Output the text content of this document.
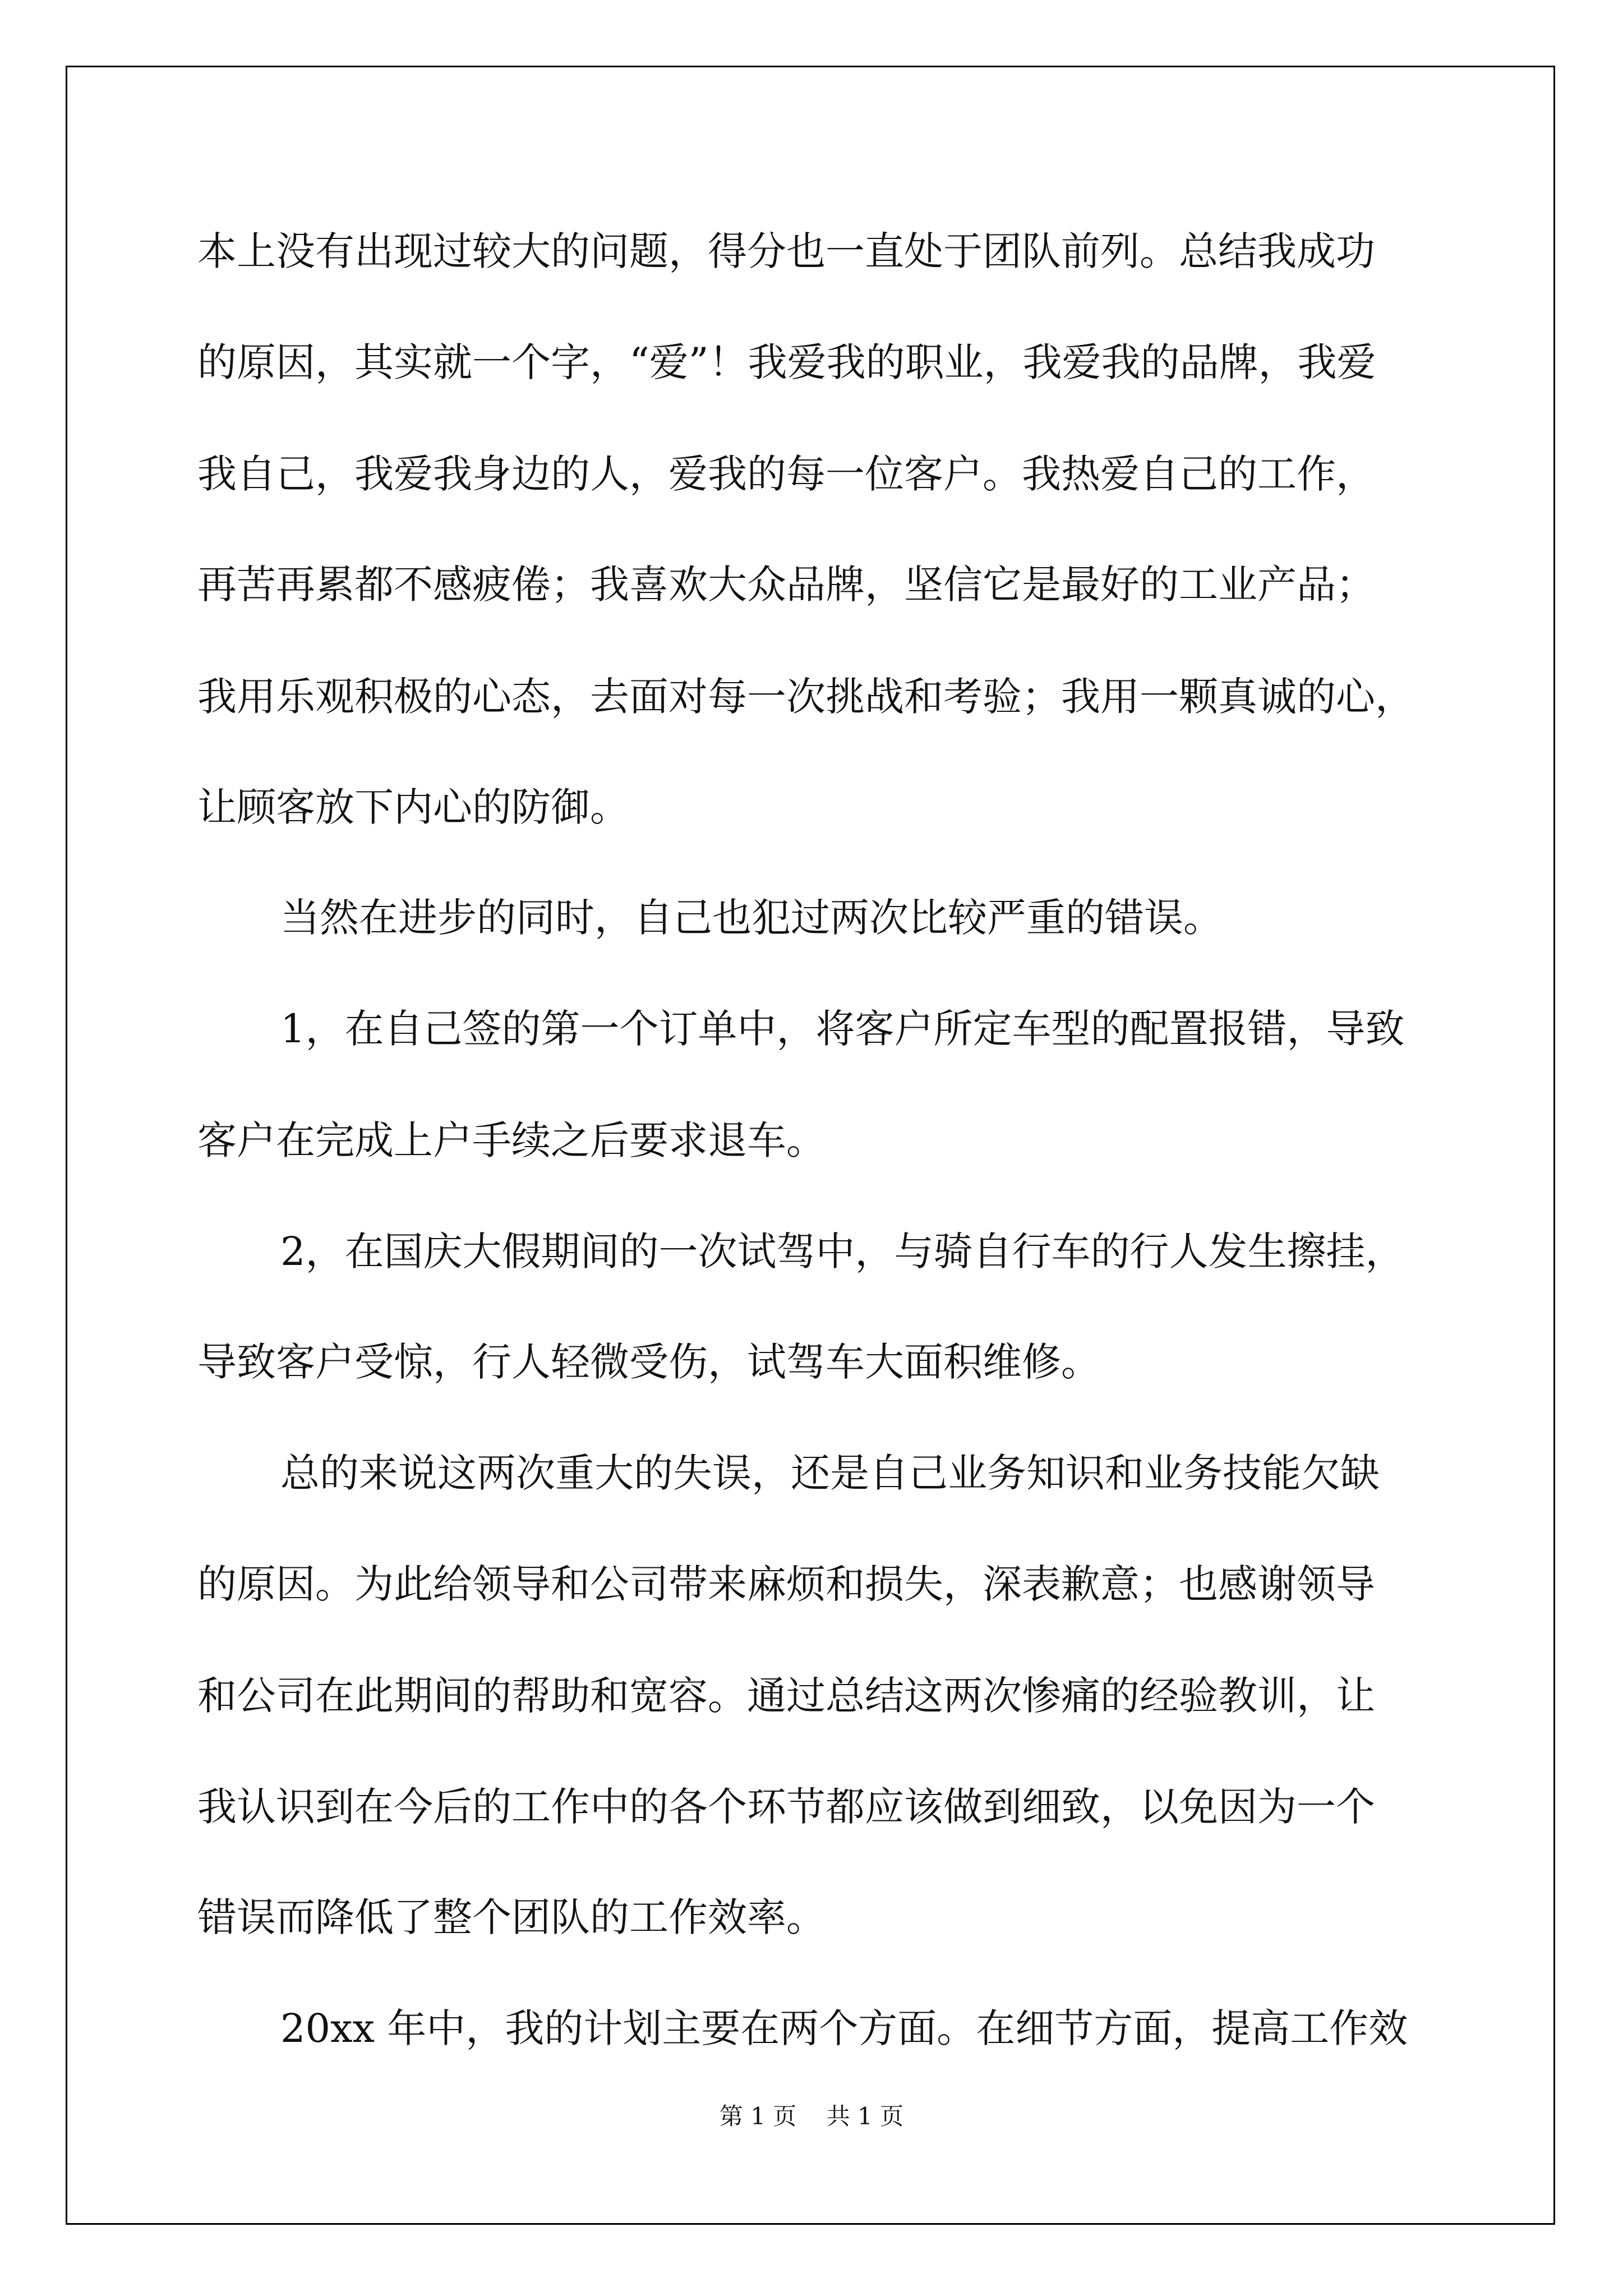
本上没有出现过较大的问题，得分也一直处于团队前列。总结我成功

的原因，其实就一个字，“爱”！我爱我的职业，我爱我的品牌，我爱

我自己，我爱我身边的人，爱我的每一位客户。我热爱自己的工作，

再苦再累都不感疲倦；我喜欢大众品牌，坚信它是最好的工业产品；

我用乐观积极的心态，去面对每一次挑战和考验；我用一颗真诚的心，

让顾客放下内心的防御。

当然在进步的同时，自己也犯过两次比较严重的错误。

1，在自己签的第一个订单中，将客户所定车型的配置报错，导致

客户在完成上户手续之后要求退车。

2，在国庆大假期间的一次试驾中，与骑自行车的行人发生擦挂，

导致客户受惊，行人轻微受伤，试驾车大面积维修。

总的来说这两次重大的失误，还是自己业务知识和业务技能欠缺

的原因。为此给领导和公司带来麻烦和损失，深表歉意；也感谢领导

和公司在此期间的帮助和宽容。通过总结这两次惨痛的经验教训，让

我认识到在今后的工作中的各个环节都应该做到细致，以免因为一个

错误而降低了整个团队的工作效率。

20xx 年中，我的计划主要在两个方面。在细节方面，提高工作效

第 1 页    共 1 页
